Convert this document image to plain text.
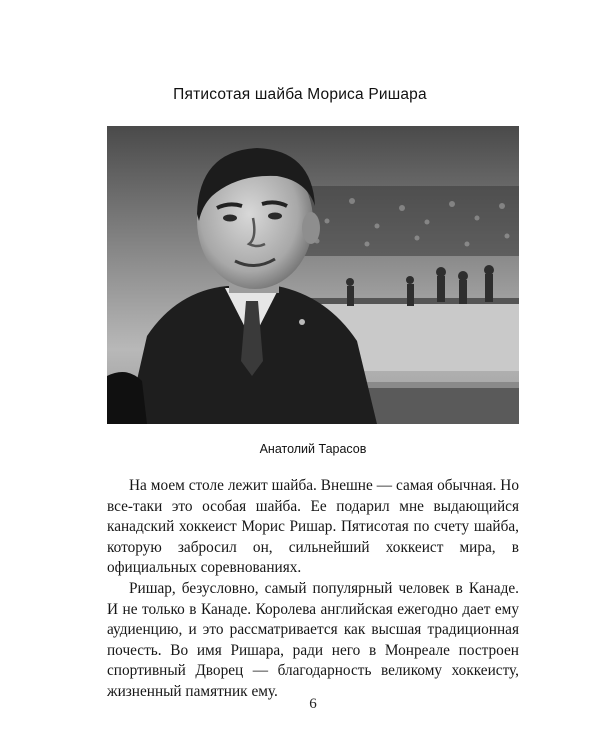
Пятисотая шайба Мориса Ришара
Анатолий Тарасов

На моем столе лежит шайба. Внешне — самая обычная. Но все-таки это особая шайба. Ее подарил мне выдающийся канадский хоккеист Морис Ришар. Пятисотая по счету шайба, которую забросил он, сильнейший хоккеист мира, в официальных соревнованиях.

Ришар, безусловно, самый популярный человек в Канаде. И не только в Канаде. Королева английская ежегодно дает ему аудиенцию, и это рассматривается как высшая традиционная почесть. Во имя Ришара, ради него в Монреале построен спортивный Дворец — благодарность великому хоккеисту, жизненный памятник ему.

6
